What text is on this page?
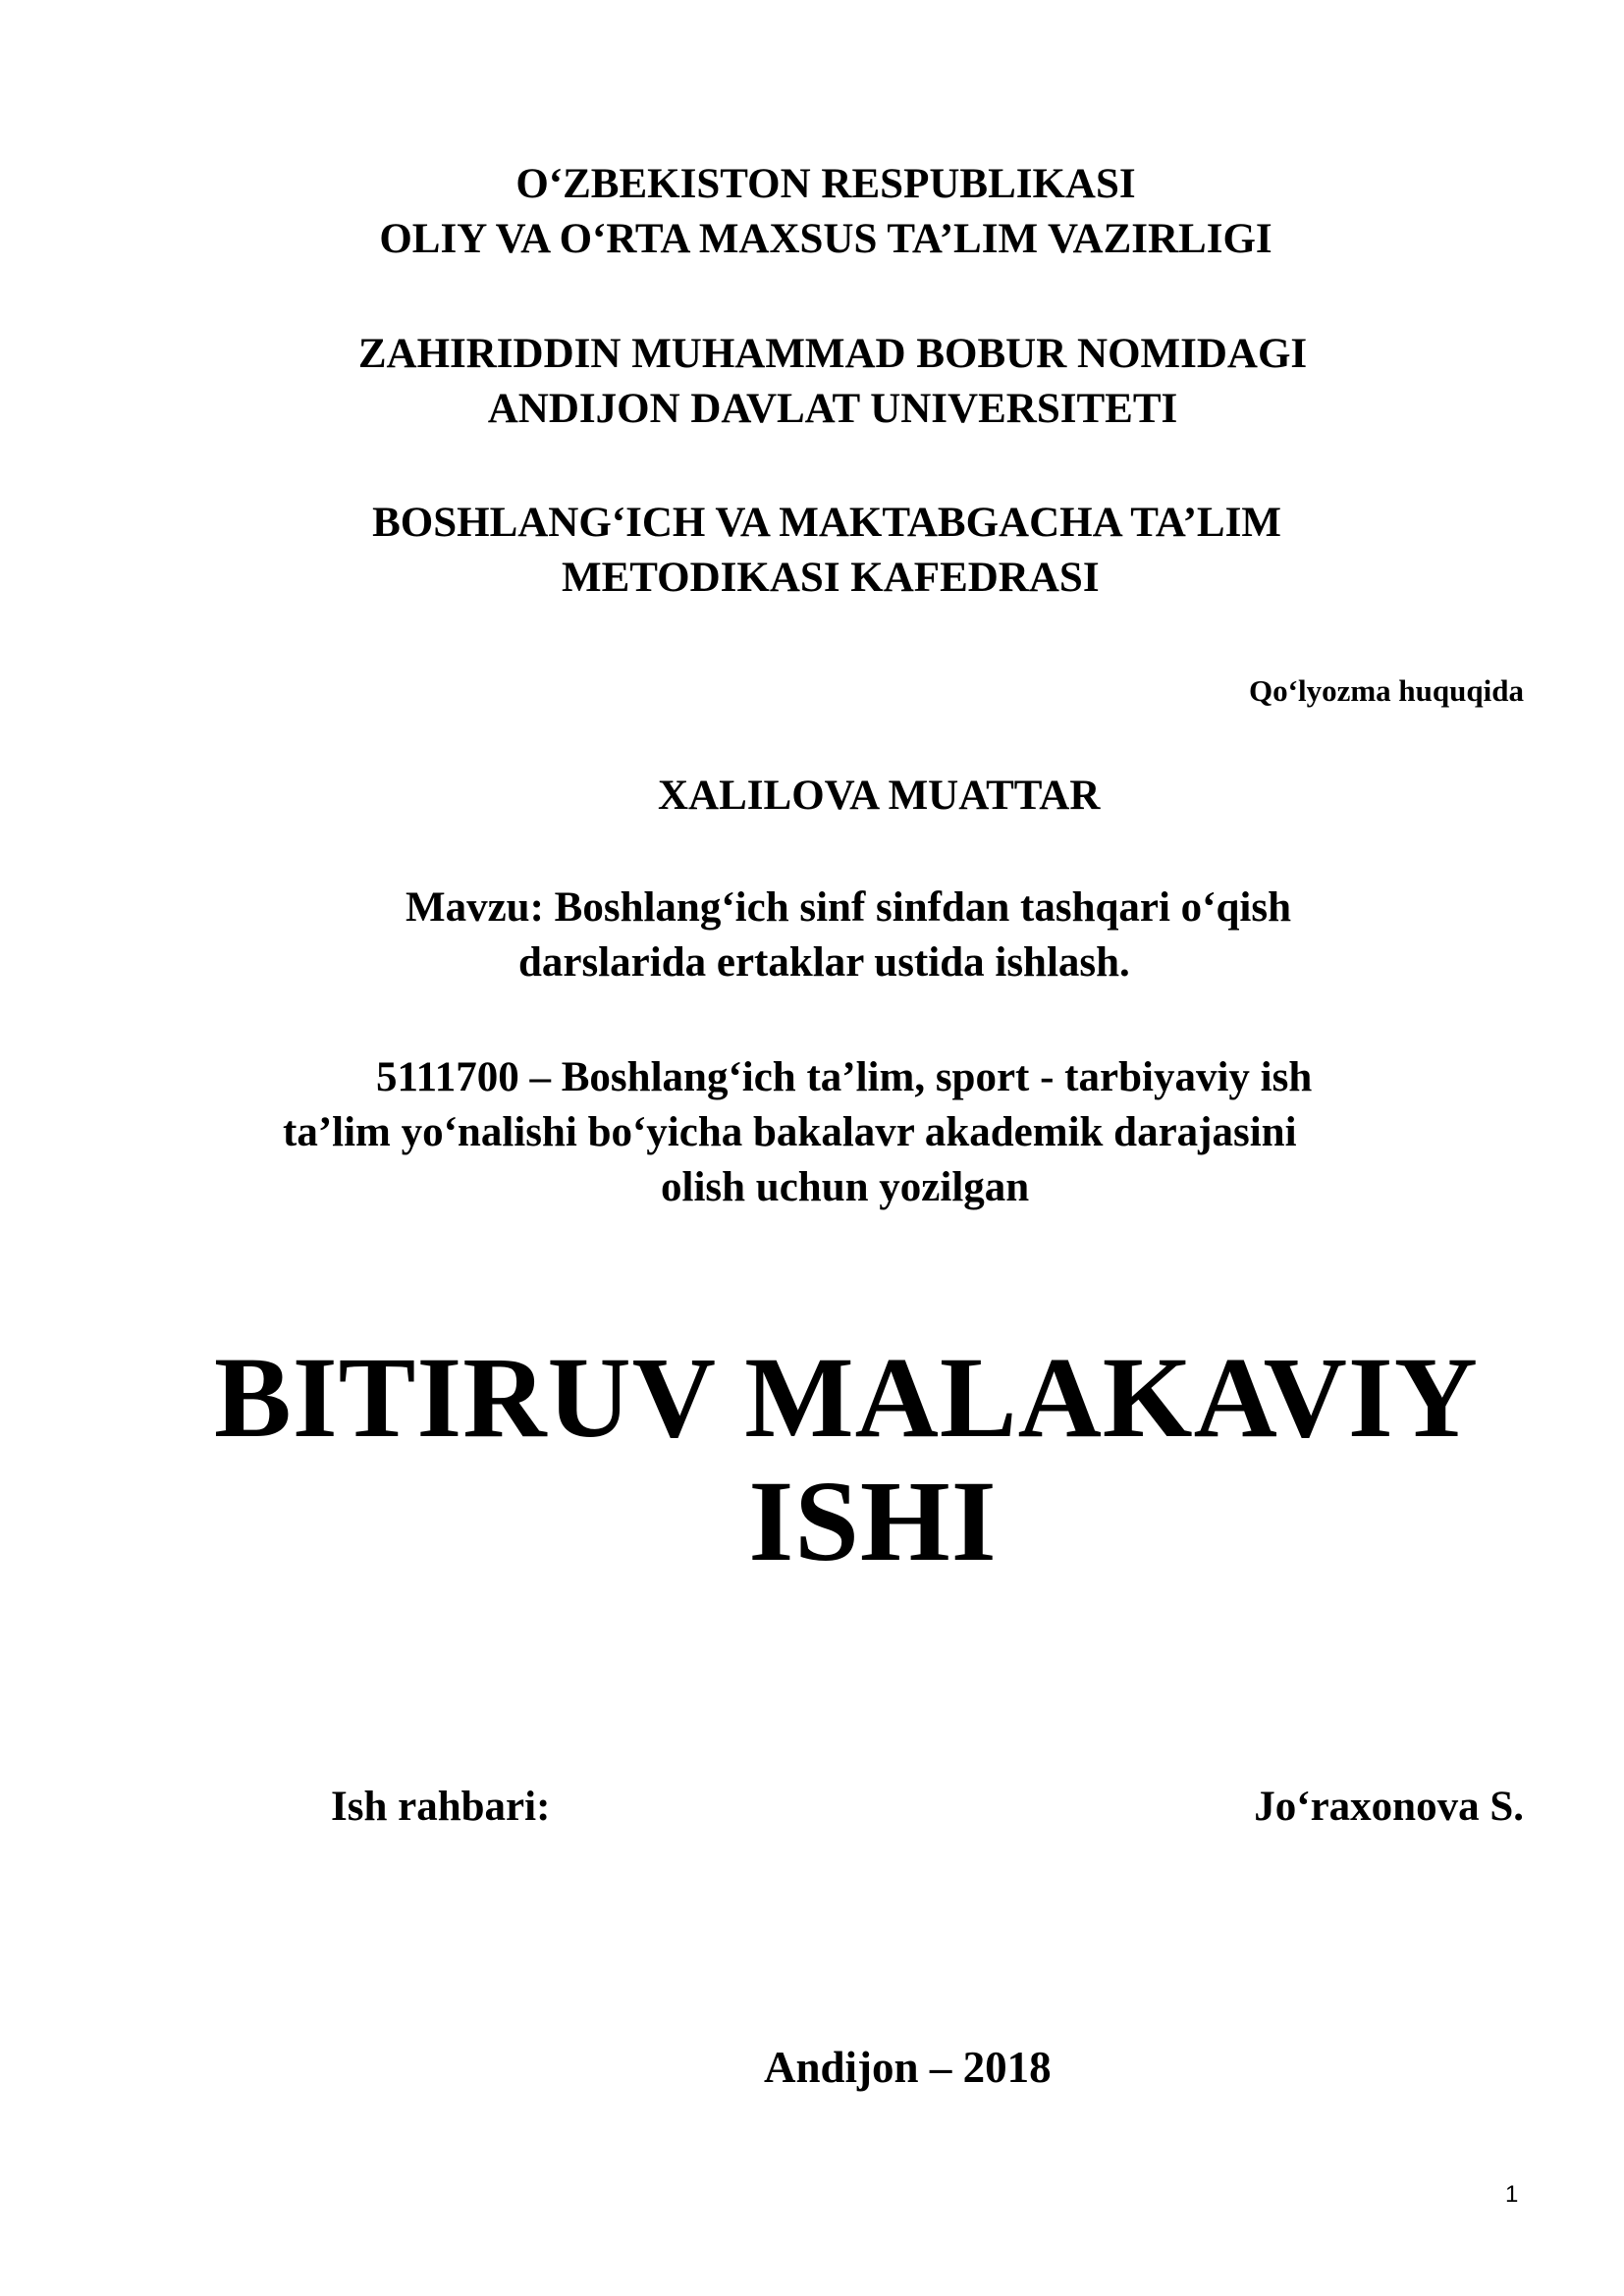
O‘ZBEKISTON RESPUBLIKASI
OLIY VA O‘RTA MAXSUS TA’LIM VAZIRLIGI
ZAHIRIDDIN MUHAMMAD BOBUR NOMIDAGI
ANDIJON DAVLAT UNIVERSITETI
BOSHLANG‘ICH VA MAKTABGACHA TA’LIM
METODIKASI KAFEDRASI
Qo‘lyozma huquqida
XALILOVA MUATTAR
Mavzu: Boshlang‘ich sinf sinfdan tashqari o‘qish
darslarida ertaklar ustida ishlash.
5111700 – Boshlang‘ich ta’lim, sport - tarbiyaviy ish
ta’lim yo‘nalishi bo‘yicha bakalavr akademik darajasini
olish uchun yozilgan
BITIRUV MALAKAVIY
ISHI
Ish rahbari:	Jo‘raxonova S.
Andijon – 2018
1
